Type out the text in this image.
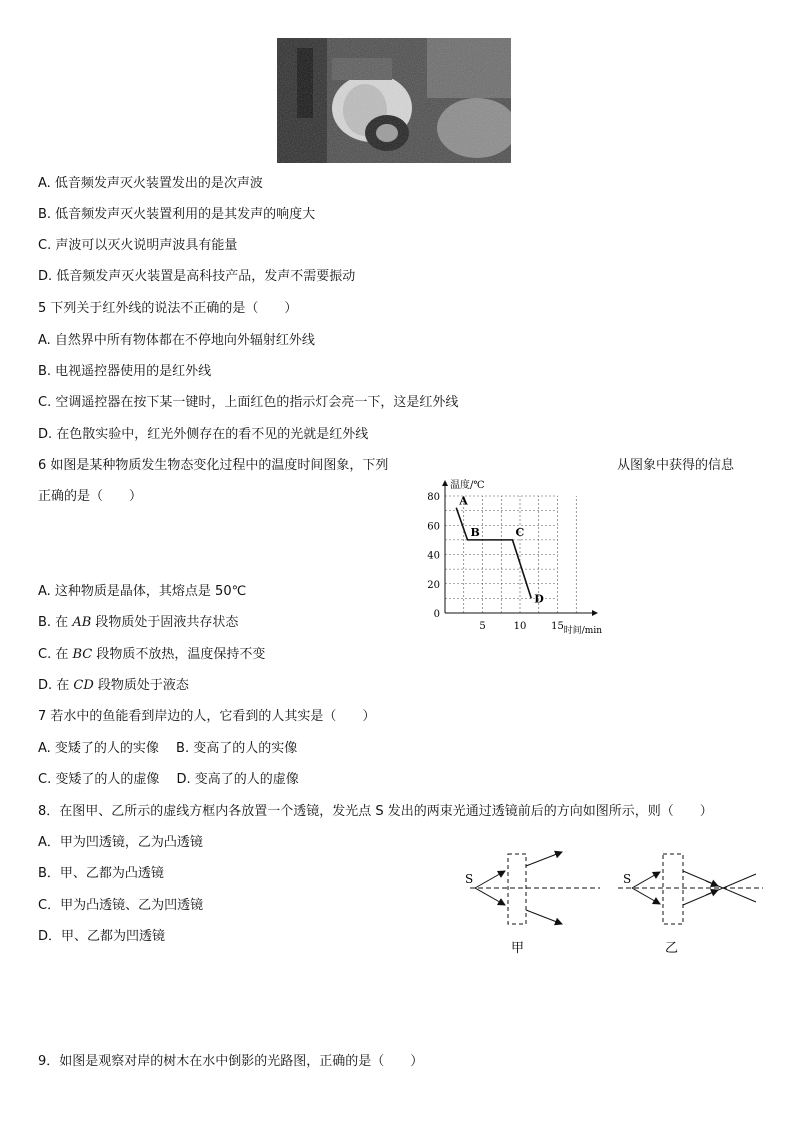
A. 低音频发声灭火装置发出的是次声波
B. 低音频发声灭火装置利用的是其发声的响度大
C. 声波可以灭火说明声波具有能量
D. 低音频发声灭火装置是高科技产品，发声不需要振动
5 下列关于红外线的说法不正确的是（　　）
A. 自然界中所有物体都在不停地向外辐射红外线
B. 电视遥控器使用的是红外线
C. 空调遥控器在按下某一键时，上面红色的指示灯会亮一下，这是红外线
D. 在色散实验中，红光外侧存在的看不见的光就是红外线
6 如图是某种物质发生物态变化过程中的温度时间图象，下列	从图象中获得的信息
正确的是（　　）
0
20
40
60
80
5	10 15
温度/℃
时间/min
A
B	C
D
A. 这种物质是晶体，其熔点是 50℃
B. 在 AB 段物质处于固液共存状态
C. 在 BC 段物质不放热，温度保持不变
D. 在 CD 段物质处于液态
7 若水中的鱼能看到岸边的人，它看到的人其实是（　　）
A. 变矮了的人的实像　 B. 变高了的人的实像
C. 变矮了的人的虚像　 D. 变高了的人的虚像
8．在图甲、乙所示的虚线方框内各放置一个透镜，发光点 S 发出的两束光通过透镜前后的方向如图所示，则（　　）
A．甲为凹透镜，乙为凸透镜
B．甲、乙都为凸透镜
C．甲为凸透镜、乙为凹透镜
D．甲、乙都为凹透镜
S
甲
S
乙
9．如图是观察对岸的树木在水中倒影的光路图，正确的是（　　）
